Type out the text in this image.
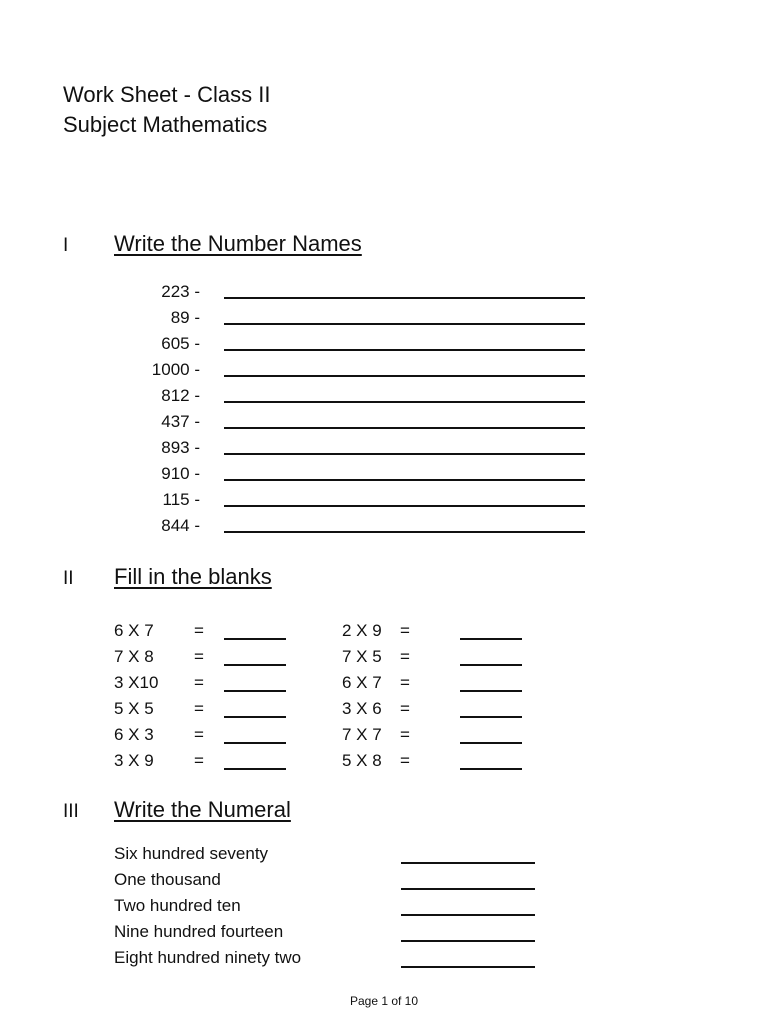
Work Sheet - Class II
Subject Mathematics
I Write the Number Names
223 -
89 -
605 -
1000 -
812 -
437 -
893 -
910 -
115 -
844 -
II Fill in the blanks
6 X 7 =	2 X 9 =
7 X 8 =	7 X 5 =
3 X10 =	6 X 7 =
5 X 5 =	3 X 6 =
6 X 3 =	7 X 7 =
3 X 9 =	5 X 8 =
III Write the Numeral
Six hundred seventy
One thousand
Two hundred ten
Nine hundred fourteen
Eight hundred ninety two
Page 1 of 10
